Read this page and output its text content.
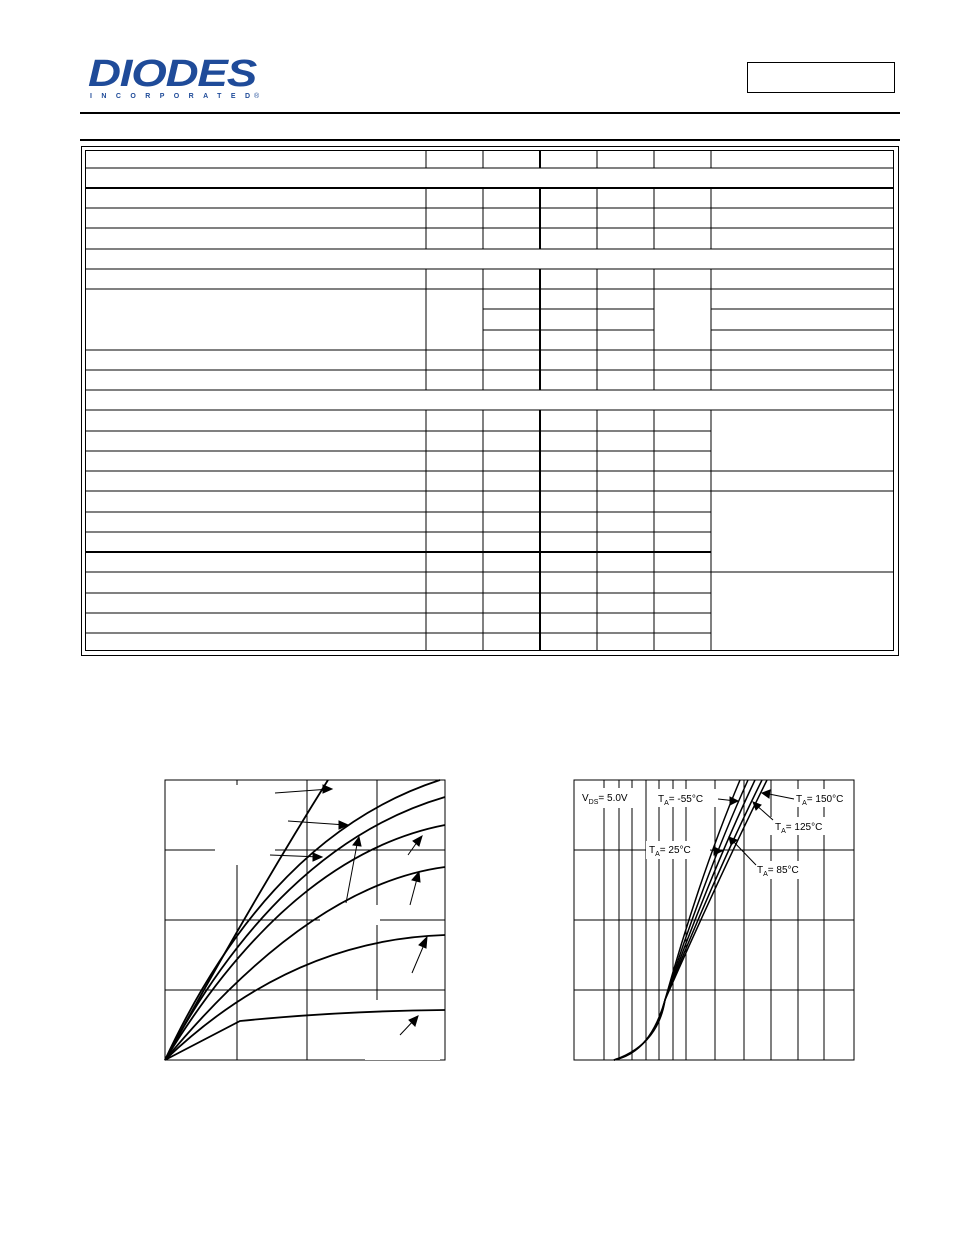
DIODES
INCORPORATED ®
$V_{DS}= 5.0V$	$T_A= -55^\circ C$	$T_A= 150^\circ C$
$T_A= 125^\circ C$
$T_A= 25^\circ C$
$T_A= 85^\circ C$
